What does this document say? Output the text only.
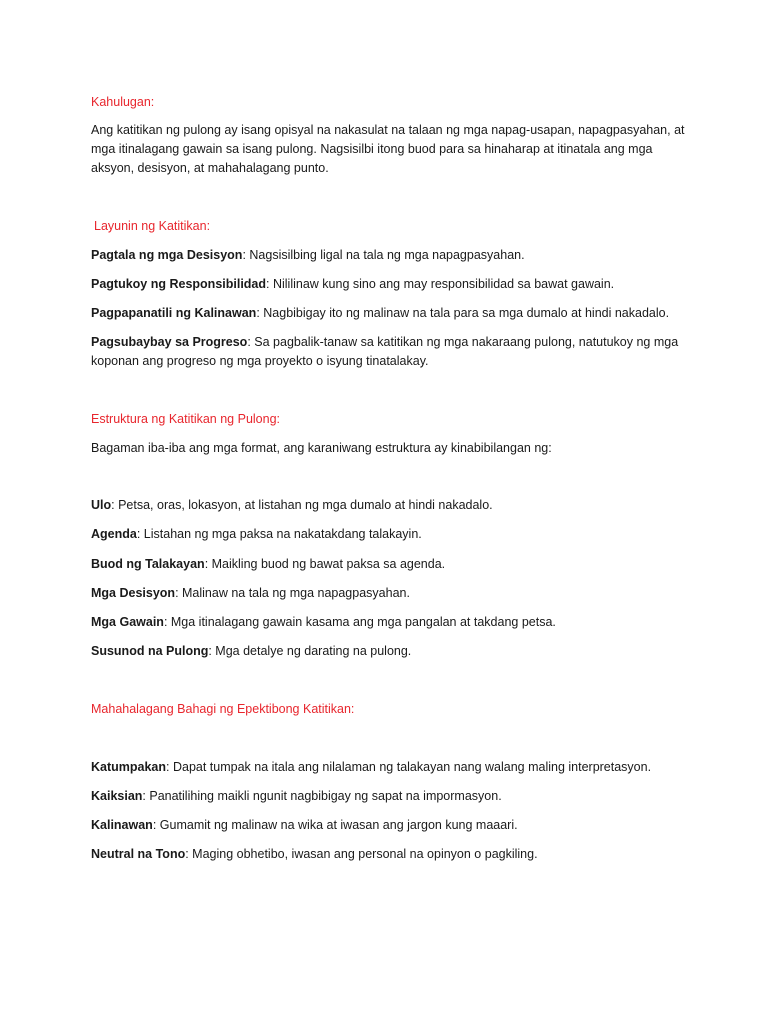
Kahulugan:
Ang katitikan ng pulong ay isang opisyal na nakasulat na talaan ng mga napag-usapan, napagpasyahan, at
mga itinalagang gawain sa isang pulong. Nagsisilbi itong buod para sa hinaharap at itinatala ang mga
aksyon, desisyon, at mahahalagang punto.
Layunin ng Katitikan:
Pagtala ng mga Desisyon: Nagsisilbing ligal na tala ng mga napagpasyahan.
Pagtukoy ng Responsibilidad: Nililinaw kung sino ang may responsibilidad sa bawat gawain.
Pagpapanatili ng Kalinawan: Nagbibigay ito ng malinaw na tala para sa mga dumalo at hindi nakadalo.
Pagsubaybay sa Progreso: Sa pagbalik-tanaw sa katitikan ng mga nakaraang pulong, natutukoy ng mga
koponan ang progreso ng mga proyekto o isyung tinatalakay.
Estruktura ng Katitikan ng Pulong:
Bagaman iba-iba ang mga format, ang karaniwang estruktura ay kinabibilangan ng:
Ulo: Petsa, oras, lokasyon, at listahan ng mga dumalo at hindi nakadalo.
Agenda: Listahan ng mga paksa na nakatakdang talakayin.
Buod ng Talakayan: Maikling buod ng bawat paksa sa agenda.
Mga Desisyon: Malinaw na tala ng mga napagpasyahan.
Mga Gawain: Mga itinalagang gawain kasama ang mga pangalan at takdang petsa.
Susunod na Pulong: Mga detalye ng darating na pulong.
Mahahalagang Bahagi ng Epektibong Katitikan:
Katumpakan: Dapat tumpak na itala ang nilalaman ng talakayan nang walang maling interpretasyon.
Kaiksian: Panatilihing maikli ngunit nagbibigay ng sapat na impormasyon.
Kalinawan: Gumamit ng malinaw na wika at iwasan ang jargon kung maaari.
Neutral na Tono: Maging obhetibo, iwasan ang personal na opinyon o pagkiling.
